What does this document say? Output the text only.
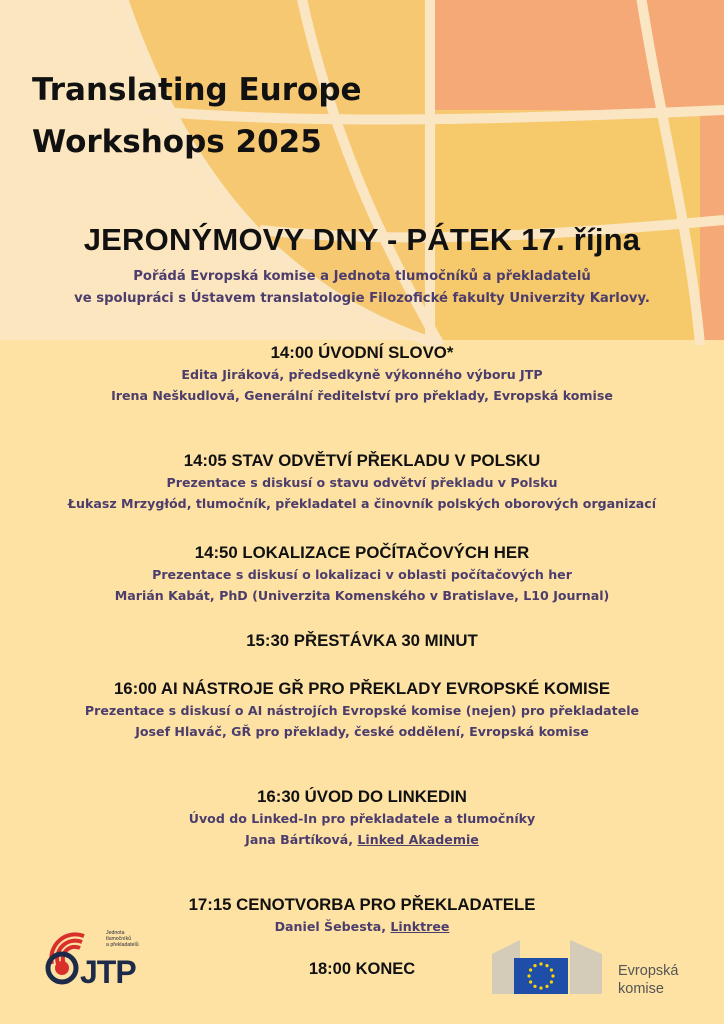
Translating Europe
Workshops 2025
JERONÝMOVY DNY - PÁTEK 17. října
Pořádá Evropská komise a Jednota tlumočníků a překladatelů
ve spolupráci s Ústavem translatologie Filozofické fakulty Univerzity Karlovy.
14:00 ÚVODNÍ SLOVO*
Edita Jiráková, předsedkyně výkonného výboru JTP
Irena Neškudlová, Generální ředitelství pro překlady, Evropská komise
14:05 STAV ODVĚTVÍ PŘEKLADU V POLSKU
Prezentace s diskusí o stavu odvětví překladu v Polsku
Łukasz Mrzygłód, tlumočník, překladatel a činovník polských oborových organizací
14:50 LOKALIZACE POČÍTAČOVÝCH HER
Prezentace s diskusí o lokalizaci v oblasti počítačových her
Marián Kabát, PhD (Univerzita Komenského v Bratislave, L10 Journal)
15:30 PŘESTÁVKA 30 MINUT
16:00 AI NÁSTROJE GŘ PRO PŘEKLADY EVROPSKÉ KOMISE
Prezentace s diskusí o AI nástrojích Evropské komise (nejen) pro překladatele
Josef Hlaváč, GŘ pro překlady, české oddělení, Evropská komise
16:30 ÚVOD DO LINKEDIN
Úvod do Linked-In pro překladatele a tlumočníky
Jana Bártíková, Linked Akademie
17:15 CENOTVORBA PRO PŘEKLADATELE
Daniel Šebesta, Linktree
18:00 KONEC
Jednota
tlumočníků
a překladatelů
JTP	Evropská
komise
